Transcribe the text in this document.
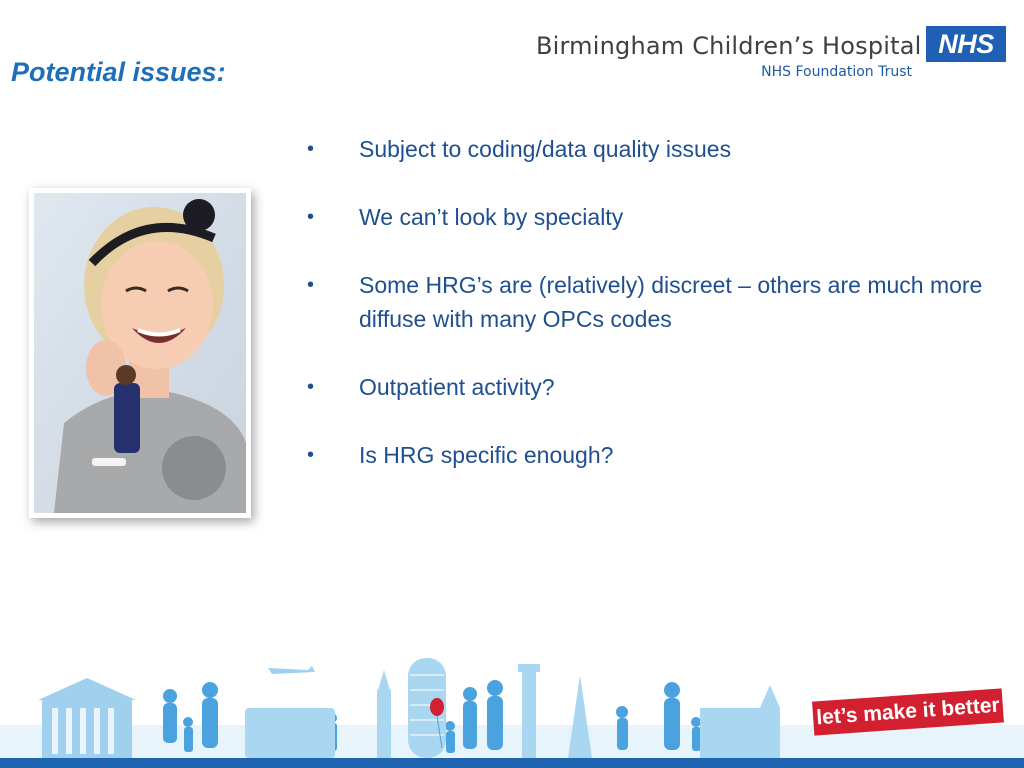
Potential issues:
Birmingham Children’s Hospital
NHS Foundation Trust
NHS
• Subject to coding/data quality issues
• We can’t look by specialty
• Some HRG’s are (relatively) discreet – others are much more diffuse with many OPCs codes
• Outpatient activity?
• Is HRG specific enough?
let’s make it better
